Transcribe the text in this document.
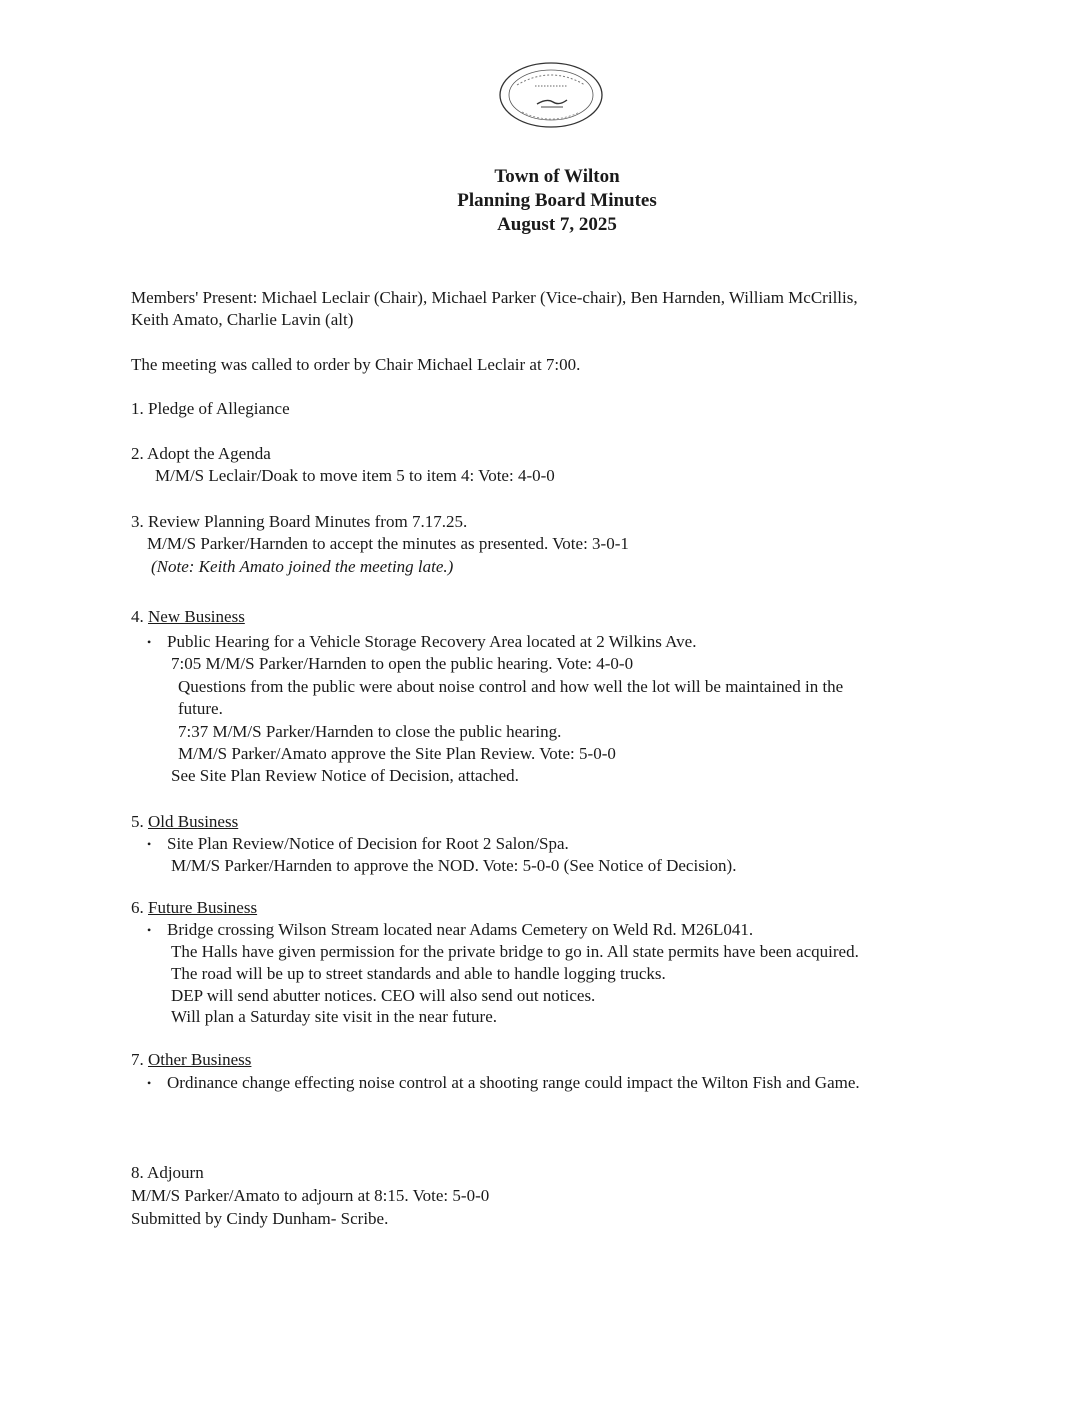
Town of Wilton
Planning Board Minutes
August 7, 2025
Members' Present: Michael Leclair (Chair), Michael Parker (Vice-chair), Ben Harnden, William McCrillis,
Keith Amato, Charlie Lavin (alt)
The meeting was called to order by Chair Michael Leclair at 7:00.
1. Pledge of Allegiance
2. Adopt the Agenda
M/M/S Leclair/Doak to move item 5 to item 4: Vote: 4-0-0
3. Review Planning Board Minutes from 7.17.25.
M/M/S Parker/Harnden to accept the minutes as presented. Vote: 3-0-1
(Note: Keith Amato joined the meeting late.)
4. New Business
• Public Hearing for a Vehicle Storage Recovery Area located at 2 Wilkins Ave.
7:05 M/M/S Parker/Harnden to open the public hearing. Vote: 4-0-0
Questions from the public were about noise control and how well the lot will be maintained in the
future.
7:37 M/M/S Parker/Harnden to close the public hearing.
M/M/S Parker/Amato approve the Site Plan Review. Vote: 5-0-0
See Site Plan Review Notice of Decision, attached.
5. Old Business
• Site Plan Review/Notice of Decision for Root 2 Salon/Spa.
M/M/S Parker/Harnden to approve the NOD. Vote: 5-0-0 (See Notice of Decision).
6. Future Business
• Bridge crossing Wilson Stream located near Adams Cemetery on Weld Rd. M26L041.
The Halls have given permission for the private bridge to go in. All state permits have been acquired.
The road will be up to street standards and able to handle logging trucks.
DEP will send abutter notices. CEO will also send out notices.
Will plan a Saturday site visit in the near future.
7. Other Business
• Ordinance change effecting noise control at a shooting range could impact the Wilton Fish and Game.
8. Adjourn
M/M/S Parker/Amato to adjourn at 8:15. Vote: 5-0-0
Submitted by Cindy Dunham- Scribe.
